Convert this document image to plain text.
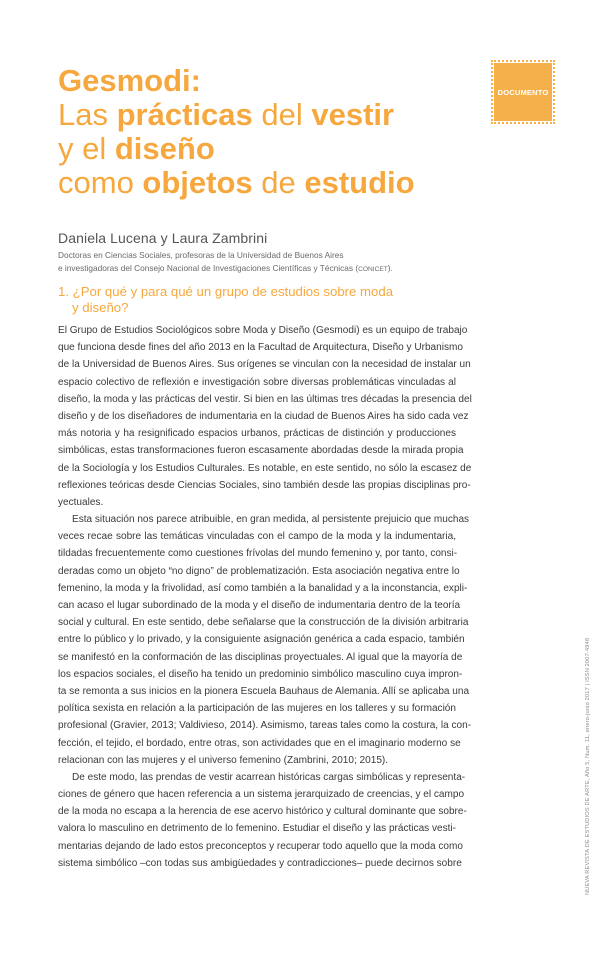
DOCUMENTO
Gesmodi:
Las prácticas del vestir
y el diseño
como objetos de estudio
Daniela Lucena y Laura Zambrini
Doctoras en Ciencias Sociales, profesoras de la Universidad de Buenos Aires
e investigadoras del Consejo Nacional de Investigaciones Científicas y Técnicas (CONICET).
1. ¿Por qué y para qué un grupo de estudios sobre moda
y diseño?
El Grupo de Estudios Sociológicos sobre Moda y Diseño (Gesmodi) es un equipo de trabajo
que funciona desde fines del año 2013 en la Facultad de Arquitectura, Diseño y Urbanismo
de la Universidad de Buenos Aires. Sus orígenes se vinculan con la necesidad de instalar un
espacio colectivo de reflexión e investigación sobre diversas problemáticas vinculadas al
diseño, la moda y las prácticas del vestir. Si bien en las últimas tres décadas la presencia del
diseño y de los diseñadores de indumentaria en la ciudad de Buenos Aires ha sido cada vez
más notoria y ha resignificado espacios urbanos, prácticas de distinción y producciones
simbólicas, estas transformaciones fueron escasamente abordadas desde la mirada propia
de la Sociología y los Estudios Culturales. Es notable, en este sentido, no sólo la escasez de
reflexiones teóricas desde Ciencias Sociales, sino también desde las propias disciplinas pro-
yectuales.
Esta situación nos parece atribuible, en gran medida, al persistente prejuicio que muchas
veces recae sobre las temáticas vinculadas con el campo de la moda y la indumentaria,
tildadas frecuentemente como cuestiones frívolas del mundo femenino y, por tanto, consi-
deradas como un objeto “no digno” de problematización. Esta asociación negativa entre lo
femenino, la moda y la frivolidad, así como también a la banalidad y a la inconstancia, expli-
can acaso el lugar subordinado de la moda y el diseño de indumentaria dentro de la teoría
social y cultural. En este sentido, debe señalarse que la construcción de la división arbitraria
entre lo público y lo privado, y la consiguiente asignación genérica a cada espacio, también
se manifestó en la conformación de las disciplinas proyectuales. Al igual que la mayoría de
los espacios sociales, el diseño ha tenido un predominio simbólico masculino cuya impron-
ta se remonta a sus inicios en la pionera Escuela Bauhaus de Alemania. Allí se aplicaba una
política sexista en relación a la participación de las mujeres en los talleres y su formación
profesional (Gravier, 2013; Valdivieso, 2014). Asimismo, tareas tales como la costura, la con-
fección, el tejido, el bordado, entre otras, son actividades que en el imaginario moderno se
relacionan con las mujeres y el universo femenino (Zambrini, 2010; 2015).
De este modo, las prendas de vestir acarrean históricas cargas simbólicas y representa-
ciones de género que hacen referencia a un sistema jerarquizado de creencias, y el campo
de la moda no escapa a la herencia de ese acervo histórico y cultural dominante que sobre-
valora lo masculino en detrimento de lo femenino. Estudiar el diseño y las prácticas vesti-
mentarias dejando de lado estos preconceptos y recuperar todo aquello que la moda como
sistema simbólico –con todas sus ambigüedades y contradicciones– puede decirnos sobre	NUEVA REVISTA DE ESTUDIOS DE ARTE, Año 5, Num. 11, enero-junio 2017 | ISSN 2007-4948
